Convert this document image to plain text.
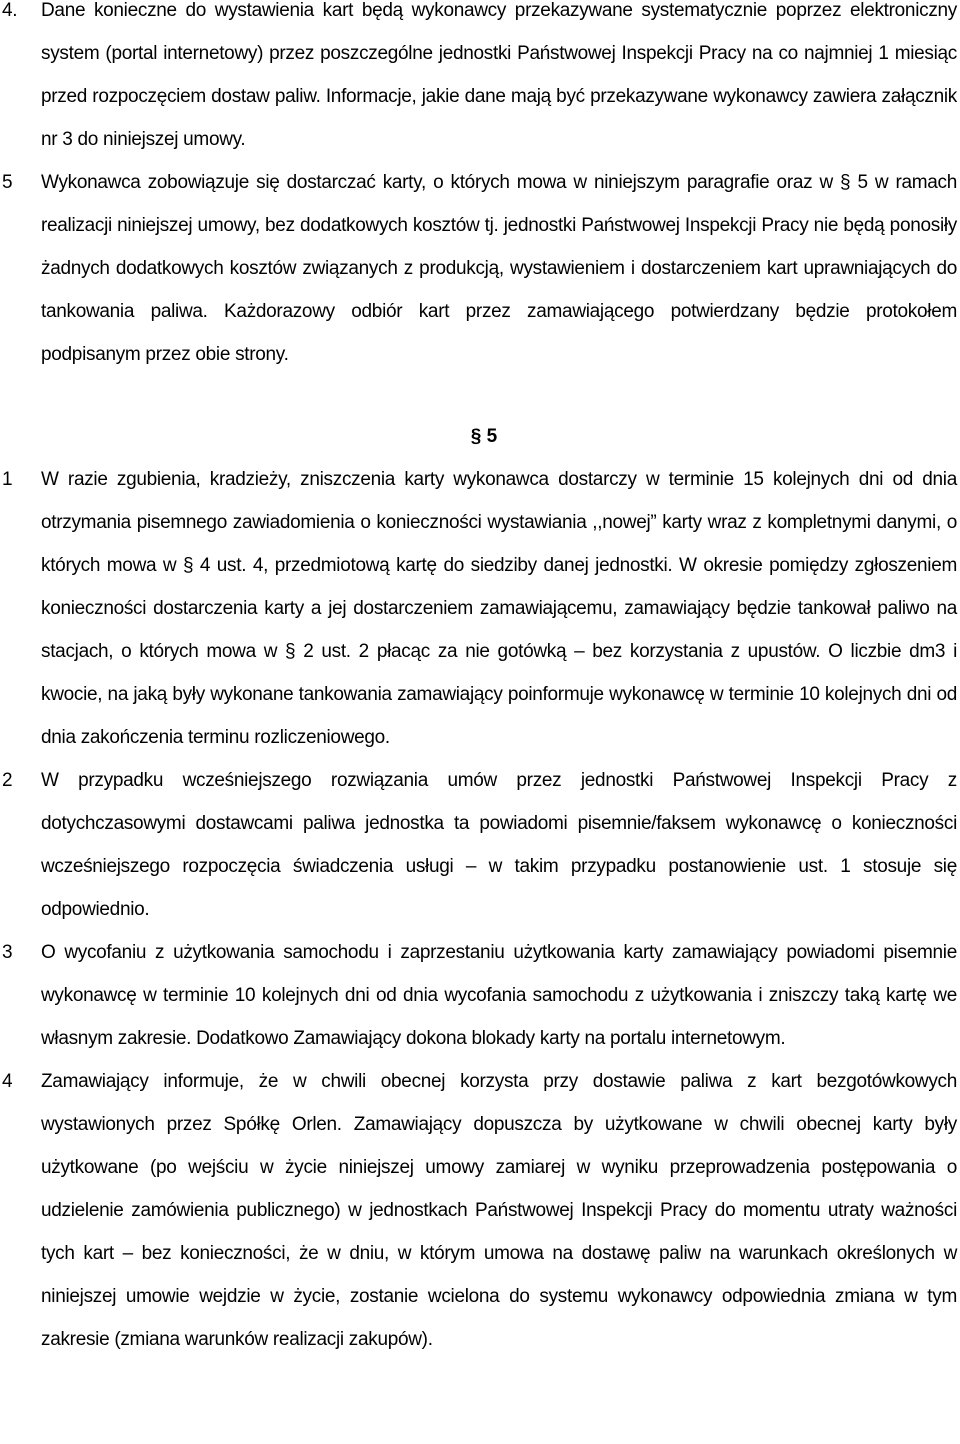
4. Dane konieczne do wystawienia kart będą wykonawcy przekazywane systematycznie poprzez elektroniczny system (portal internetowy) przez poszczególne jednostki Państwowej Inspekcji Pracy na co najmniej 1 miesiąc przed rozpoczęciem dostaw paliw. Informacje, jakie dane mają być przekazywane wykonawcy zawiera załącznik nr 3 do niniejszej umowy.
5 Wykonawca zobowiązuje się dostarczać karty, o których mowa w niniejszym paragrafie oraz w § 5 w ramach realizacji niniejszej umowy, bez dodatkowych kosztów tj. jednostki Państwowej Inspekcji Pracy nie będą ponosiły żadnych dodatkowych kosztów związanych z produkcją, wystawieniem i dostarczeniem kart uprawniających do tankowania paliwa. Każdorazowy odbiór kart przez zamawiającego potwierdzany będzie protokołem podpisanym przez obie strony.
§ 5
1 W razie zgubienia, kradzieży, zniszczenia karty wykonawca dostarczy w terminie 15 kolejnych dni od dnia otrzymania pisemnego zawiadomienia o konieczności wystawiania ,,nowej” karty wraz z kompletnymi danymi, o których mowa w § 4 ust. 4, przedmiotową kartę do siedziby danej jednostki. W okresie pomiędzy zgłoszeniem konieczności dostarczenia karty a jej dostarczeniem zamawiającemu, zamawiający będzie tankował paliwo na stacjach, o których mowa w § 2 ust. 2 płacąc za nie gotówką – bez korzystania z upustów. O liczbie dm3 i kwocie, na jaką były wykonane tankowania zamawiający poinformuje wykonawcę w terminie 10 kolejnych dni od dnia zakończenia terminu rozliczeniowego.
2 W przypadku wcześniejszego rozwiązania umów przez jednostki Państwowej Inspekcji Pracy z dotychczasowymi dostawcami paliwa jednostka ta powiadomi pisemnie/faksem wykonawcę o konieczności wcześniejszego rozpoczęcia świadczenia usługi – w takim przypadku postanowienie ust. 1 stosuje się odpowiednio.
3 O wycofaniu z użytkowania samochodu i zaprzestaniu użytkowania karty zamawiający powiadomi pisemnie wykonawcę w terminie 10 kolejnych dni od dnia wycofania samochodu z użytkowania i zniszczy taką kartę we własnym zakresie. Dodatkowo Zamawiający dokona blokady karty na portalu internetowym.
4 Zamawiający informuje, że w chwili obecnej korzysta przy dostawie paliwa z kart bezgotówkowych wystawionych przez Spółkę Orlen. Zamawiający dopuszcza by użytkowane w chwili obecnej karty były użytkowane (po wejściu w życie niniejszej umowy zamiarej w wyniku przeprowadzenia postępowania o udzielenie zamówienia publicznego) w jednostkach Państwowej Inspekcji Pracy do momentu utraty ważności tych kart – bez konieczności, że w dniu, w którym umowa na dostawę paliw na warunkach określonych w niniejszej umowie wejdzie w życie, zostanie wcielona do systemu wykonawcy odpowiednia zmiana w tym zakresie (zmiana warunków realizacji zakupów).
